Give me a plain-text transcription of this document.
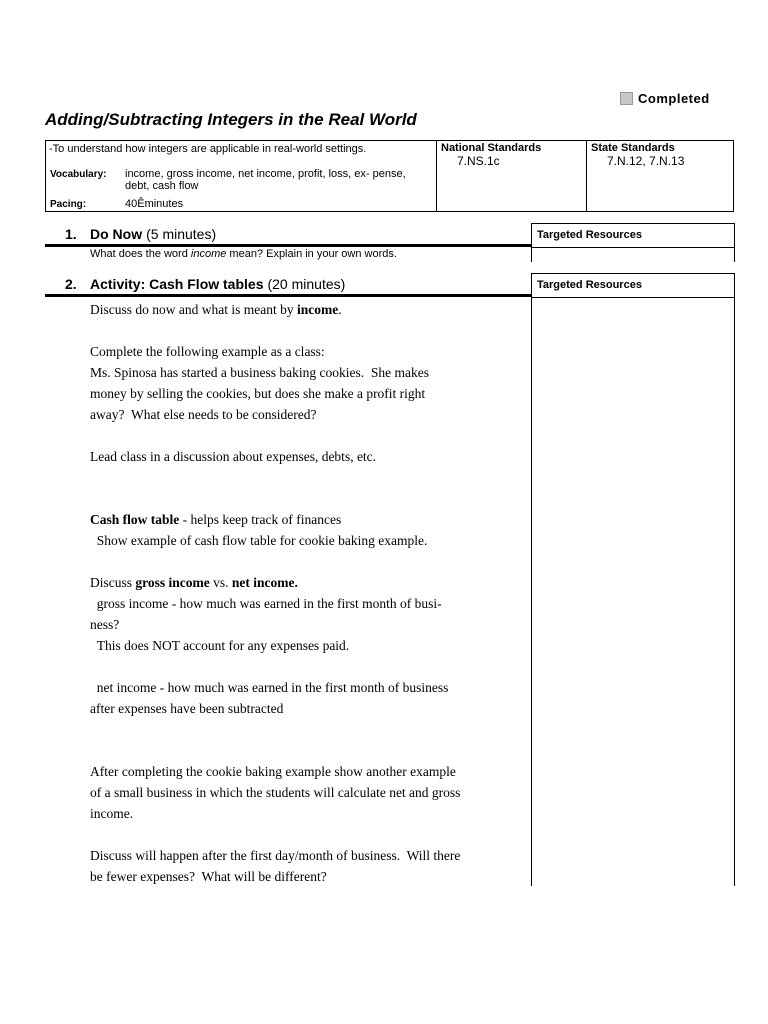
Completed
Adding/Subtracting Integers in the Real World
-To understand how integers are applicable in real-world settings.
Vocabulary: income, gross income, net income, profit, loss, ex- pense, debt, cash flow
Pacing:	40Êminutes
National Standards
7.NS.1c
State Standards
7.N.12, 7.N.13
1. Do Now (5 minutes)	Targeted Resources
What does the word income mean? Explain in your own words.
2. Activity: Cash Flow tables (20 minutes)	Targeted Resources

Discuss do now and what is meant by income.

Complete the following example as a class:

Ms. Spinosa has started a business baking cookies.  She makes

money by selling the cookies, but does she make a profit right

away?  What else needs to be considered?

Lead class in a discussion about expenses, debts, etc.

Cash flow table - helps keep track of finances

Show example of cash flow table for cookie baking example.

Discuss gross income vs. net income.

gross income - how much was earned in the first month of busi-

ness?

This does NOT account for any expenses paid.

net income - how much was earned in the first month of business

after expenses have been subtracted

After completing the cookie baking example show another example

of a small business in which the students will calculate net and gross

income.

Discuss will happen after the first day/month of business.  Will there

be fewer expenses?  What will be different?
